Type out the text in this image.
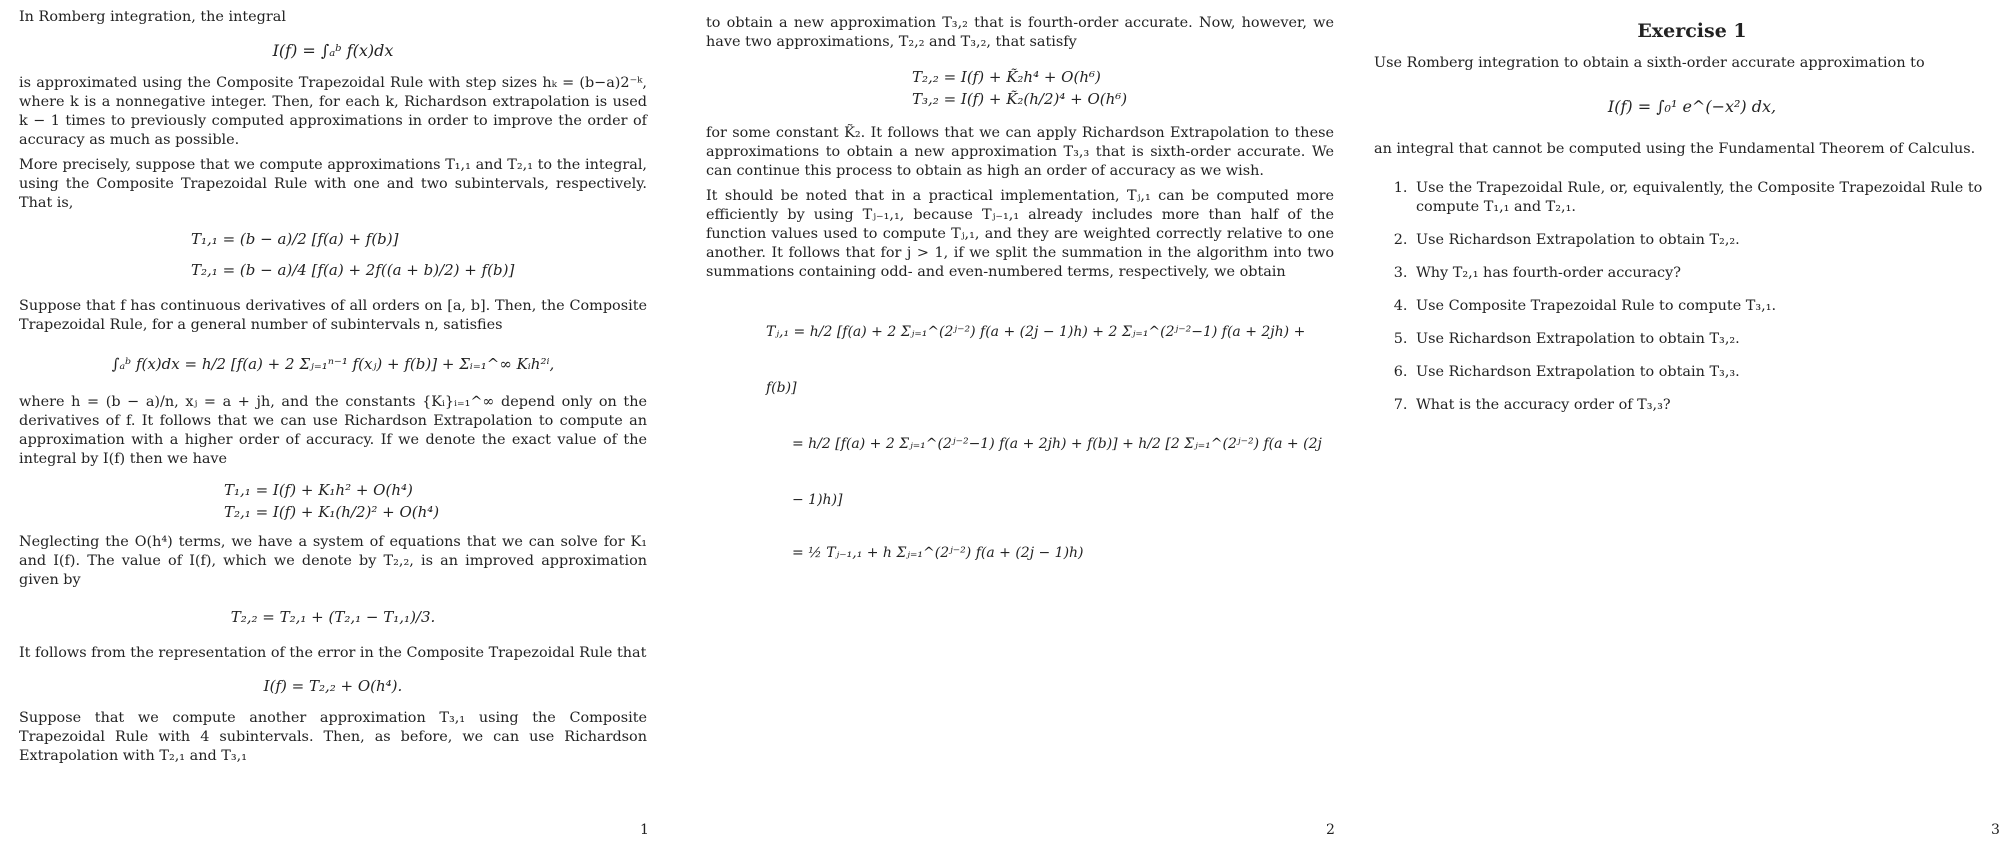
In Romberg integration, the integral

I(f) = ∫ₐᵇ f(x)dx

is approximated using the Composite Trapezoidal Rule with step sizes hₖ = (b−a)2⁻ᵏ, where k is a nonnegative integer. Then, for each k, Richardson extrapolation is used k − 1 times to previously computed approximations in order to improve the order of accuracy as much as possible.

More precisely, suppose that we compute approximations T₁,₁ and T₂,₁ to the integral, using the Composite Trapezoidal Rule with one and two subintervals, respectively. That is,

T₁,₁ = (b − a)/2 [f(a) + f(b)]
T₂,₁ = (b − a)/4 [f(a) + 2f((a + b)/2) + f(b)]

Suppose that f has continuous derivatives of all orders on [a, b]. Then, the Composite Trapezoidal Rule, for a general number of subintervals n, satisfies

∫ₐᵇ f(x)dx = h/2 [f(a) + 2 Σⱼ₌₁ⁿ⁻¹ f(xⱼ) + f(b)] + Σᵢ₌₁^∞ Kᵢh²ⁱ,

where h = (b − a)/n, xⱼ = a + jh, and the constants {Kᵢ}ᵢ₌₁^∞ depend only on the derivatives of f. It follows that we can use Richardson Extrapolation to compute an approximation with a higher order of accuracy. If we denote the exact value of the integral by I(f) then we have

T₁,₁ = I(f) + K₁h² + O(h⁴)
T₂,₁ = I(f) + K₁(h/2)² + O(h⁴)

Neglecting the O(h⁴) terms, we have a system of equations that we can solve for K₁ and I(f). The value of I(f), which we denote by T₂,₂, is an improved approximation given by

T₂,₂ = T₂,₁ + (T₂,₁ − T₁,₁)/3.

It follows from the representation of the error in the Composite Trapezoidal Rule that

I(f) = T₂,₂ + O(h⁴).

Suppose that we compute another approximation T₃,₁ using the Composite Trapezoidal Rule with 4 subintervals. Then, as before, we can use Richardson Extrapolation with T₂,₁ and T₃,₁

1

to obtain a new approximation T₃,₂ that is fourth-order accurate. Now, however, we have two approximations, T₂,₂ and T₃,₂, that satisfy

T₂,₂ = I(f) + K̃₂h⁴ + O(h⁶)
T₃,₂ = I(f) + K̃₂(h/2)⁴ + O(h⁶)

for some constant K̃₂. It follows that we can apply Richardson Extrapolation to these approximations to obtain a new approximation T₃,₃ that is sixth-order accurate. We can continue this process to obtain as high an order of accuracy as we wish.

It should be noted that in a practical implementation, Tⱼ,₁ can be computed more efficiently by using Tⱼ₋₁,₁, because Tⱼ₋₁,₁ already includes more than half of the function values used to compute Tⱼ,₁, and they are weighted correctly relative to one another. It follows that for j > 1, if we split the summation in the algorithm into two summations containing odd- and even-numbered terms, respectively, we obtain

Tⱼ,₁ = h/2 [f(a) + 2 Σⱼ₌₁^(2ʲ⁻²) f(a + (2j − 1)h) + 2 Σⱼ₌₁^(2ʲ⁻²−1) f(a + 2jh) + f(b)]
= h/2 [f(a) + 2 Σⱼ₌₁^(2ʲ⁻²−1) f(a + 2jh) + f(b)] + h/2 [2 Σⱼ₌₁^(2ʲ⁻²) f(a + (2j − 1)h)]
= ½ Tⱼ₋₁,₁ + h Σⱼ₌₁^(2ʲ⁻²) f(a + (2j − 1)h)
2
Exercise 1

Use Romberg integration to obtain a sixth-order accurate approximation to

I(f) = ∫₀¹ e^(−x²) dx,

an integral that cannot be computed using the Fundamental Theorem of Calculus.

1. Use the Trapezoidal Rule, or, equivalently, the Composite Trapezoidal Rule to compute T₁,₁ and T₂,₁.
2. Use Richardson Extrapolation to obtain T₂,₂.
3. Why T₂,₁ has fourth-order accuracy?
4. Use Composite Trapezoidal Rule to compute T₃,₁.
5. Use Richardson Extrapolation to obtain T₃,₂.
6. Use Richardson Extrapolation to obtain T₃,₃.
7. What is the accuracy order of T₃,₃?
3
